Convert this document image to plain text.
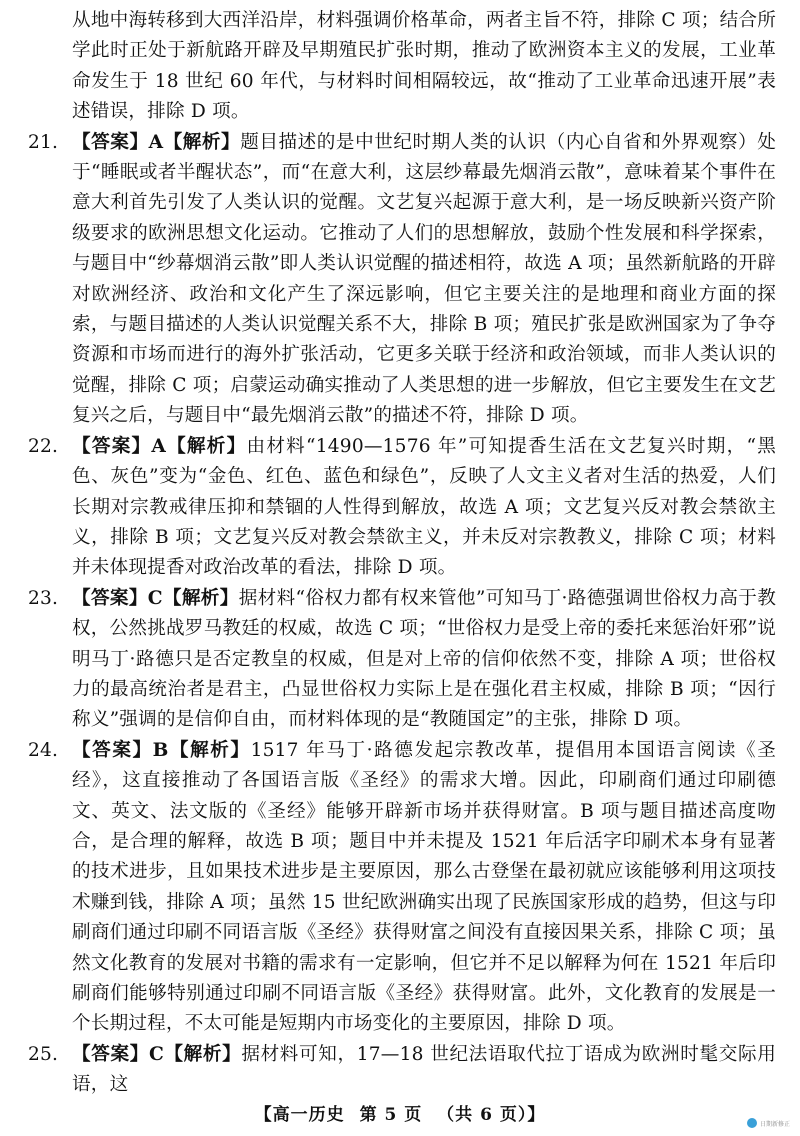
从地中海转移到大西洋沿岸，材料强调价格革命，两者主旨不符，排除 C 项；结合所学此时正处于新航路开辟及早期殖民扩张时期，推动了欧洲资本主义的发展，工业革命发生于 18 世纪 60 年代，与材料时间相隔较远，故“推动了工业革命迅速开展”表述错误，排除 D 项。

21. 【答案】A【解析】题目描述的是中世纪时期人类的认识（内心自省和外界观察）处于“睡眠或者半醒状态”，而“在意大利，这层纱幕最先烟消云散”，意味着某个事件在意大利首先引发了人类认识的觉醒。文艺复兴起源于意大利，是一场反映新兴资产阶级要求的欧洲思想文化运动。它推动了人们的思想解放，鼓励个性发展和科学探索，与题目中“纱幕烟消云散”即人类认识觉醒的描述相符，故选 A 项；虽然新航路的开辟对欧洲经济、政治和文化产生了深远影响，但它主要关注的是地理和商业方面的探索，与题目描述的人类认识觉醒关系不大，排除 B 项；殖民扩张是欧洲国家为了争夺资源和市场而进行的海外扩张活动，它更多关联于经济和政治领域，而非人类认识的觉醒，排除 C 项；启蒙运动确实推动了人类思想的进一步解放，但它主要发生在文艺复兴之后，与题目中“最先烟消云散”的描述不符，排除 D 项。

22. 【答案】A【解析】由材料“1490—1576 年”可知提香生活在文艺复兴时期，“黑色、灰色”变为“金色、红色、蓝色和绿色”，反映了人文主义者对生活的热爱，人们长期对宗教戒律压抑和禁锢的人性得到解放，故选 A 项；文艺复兴反对教会禁欲主义，排除 B 项；文艺复兴反对教会禁欲主义，并未反对宗教教义，排除 C 项；材料并未体现提香对政治改革的看法，排除 D 项。

23. 【答案】C【解析】据材料“俗权力都有权来管他”可知马丁·路德强调世俗权力高于教权，公然挑战罗马教廷的权威，故选 C 项；“世俗权力是受上帝的委托来惩治奸邪”说明马丁·路德只是否定教皇的权威，但是对上帝的信仰依然不变，排除 A 项；世俗权力的最高统治者是君主，凸显世俗权力实际上是在强化君主权威，排除 B 项；“因行称义”强调的是信仰自由，而材料体现的是“教随国定”的主张，排除 D 项。

24. 【答案】B【解析】1517 年马丁·路德发起宗教改革，提倡用本国语言阅读《圣经》，这直接推动了各国语言版《圣经》的需求大增。因此，印刷商们通过印刷德文、英文、法文版的《圣经》能够开辟新市场并获得财富。B 项与题目描述高度吻合，是合理的解释，故选 B 项；题目中并未提及 1521 年后活字印刷术本身有显著的技术进步，且如果技术进步是主要原因，那么古登堡在最初就应该能够利用这项技术赚到钱，排除 A 项；虽然 15 世纪欧洲确实出现了民族国家形成的趋势，但这与印刷商们通过印刷不同语言版《圣经》获得财富之间没有直接因果关系，排除 C 项；虽然文化教育的发展对书籍的需求有一定影响，但它并不足以解释为何在 1521 年后印刷商们能够特别通过印刷不同语言版《圣经》获得财富。此外，文化教育的发展是一个长期过程，不太可能是短期内市场变化的主要原因，排除 D 项。

25. 【答案】C【解析】据材料可知，17—18 世纪法语取代拉丁语成为欧洲时髦交际用语，这

【高一历史 第 5 页 （共 6 页）】	日期新修正
